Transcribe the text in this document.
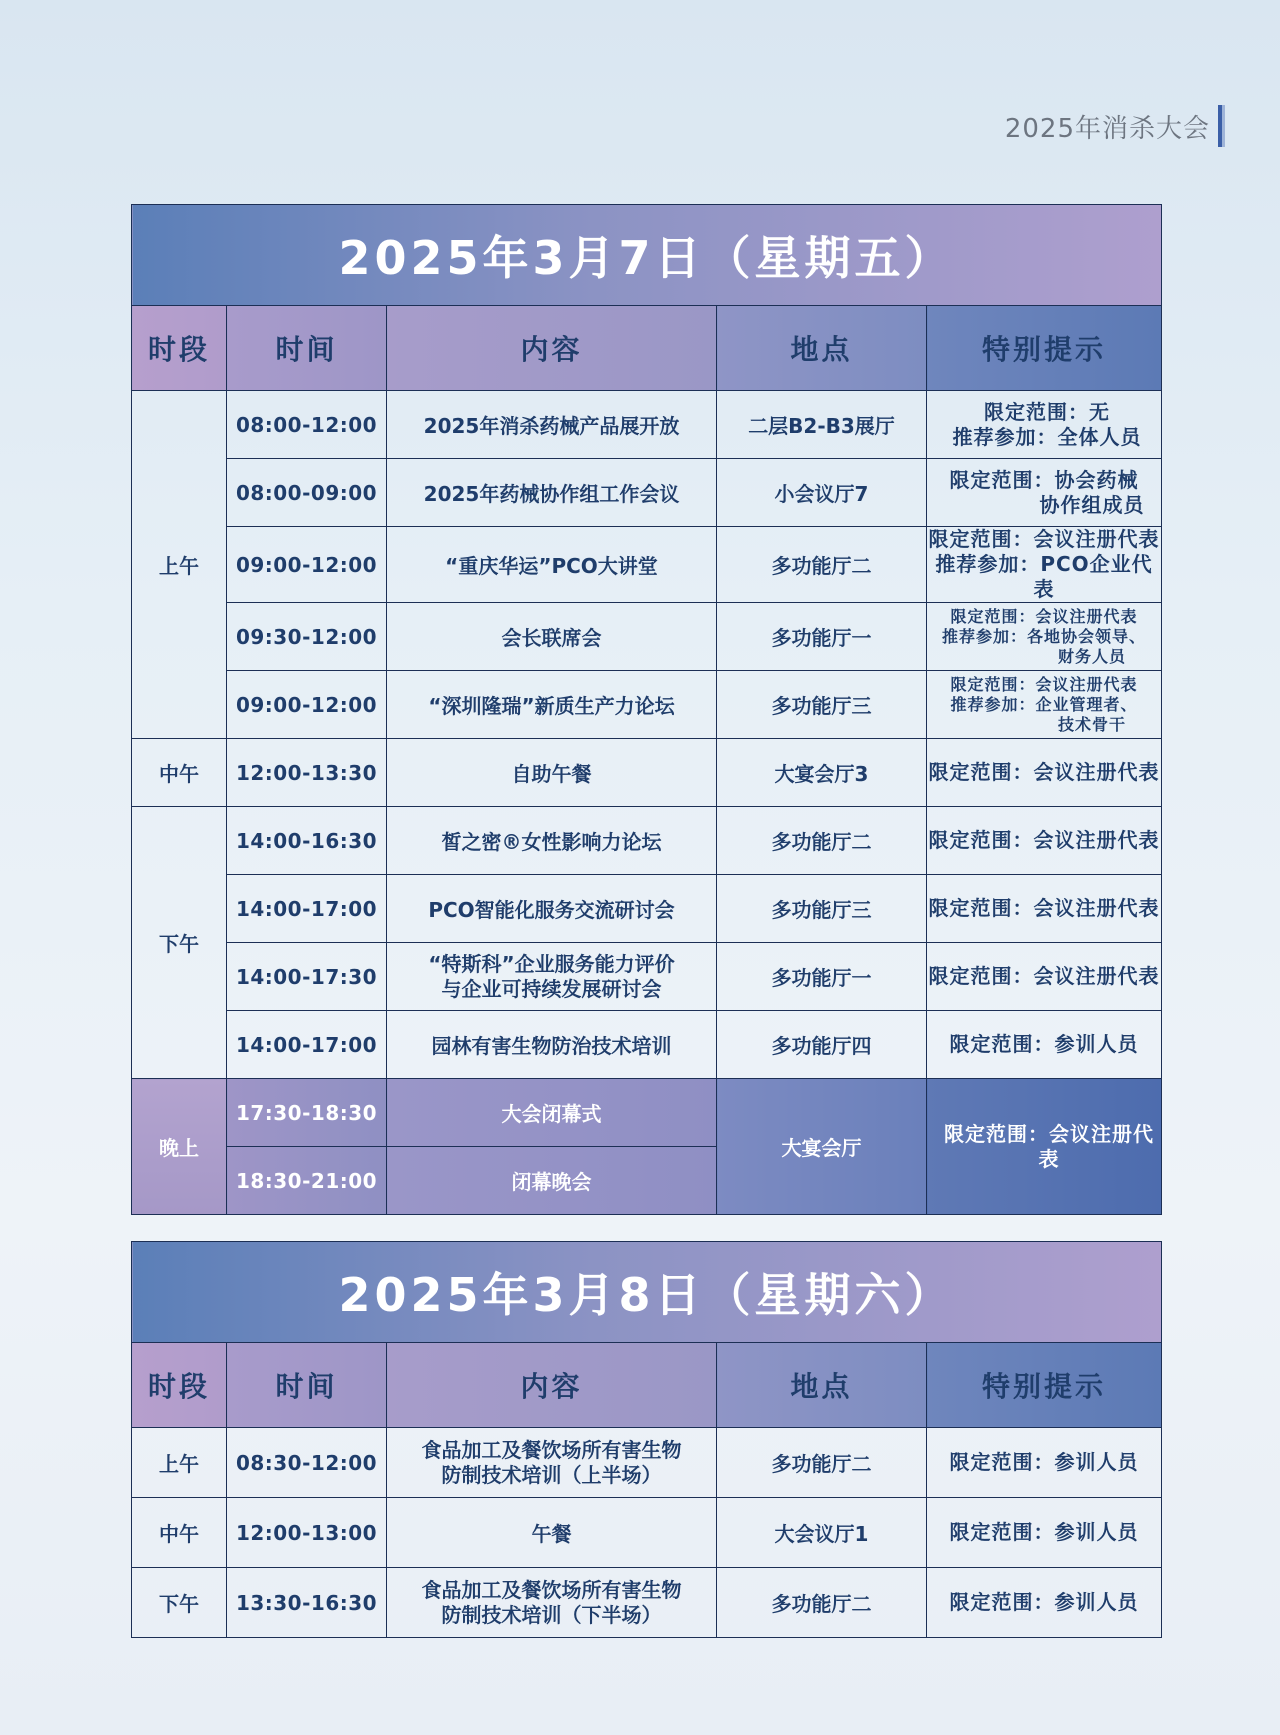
2025年消杀大会
2025年3月7日（星期五）				
时段	时间	内容	地点	特别提示
上午	08:00-12:00	2025年消杀药械产品展开放	二层B2-B3展厅	限定范围：无
推荐参加：全体人员

	08:00-09:00	2025年药械协作组工作会议	小会议厅7	限定范围：协会药械
协作组成员

	09:00-12:00	“重庆华运”PCO大讲堂	多功能厅二	限定范围：会议注册代表
推荐参加：PCO企业代表

	09:30-12:00	会长联席会	多功能厅一	限定范围：会议注册代表
推荐参加：各地协会领导、
财务人员

	09:00-12:00	“深圳隆瑞”新质生产力论坛	多功能厅三	限定范围：会议注册代表
推荐参加：企业管理者、
技术骨干

中午	12:00-13:30	自助午餐	大宴会厅3	限定范围：会议注册代表
下午	14:00-16:30	皙之密®女性影响力论坛	多功能厅二	限定范围：会议注册代表
	14:00-17:00	PCO智能化服务交流研讨会	多功能厅三	限定范围：会议注册代表
	14:00-17:30	“特斯科”企业服务能力评价
与企业可持续发展研讨会	多功能厅一	限定范围：会议注册代表
	14:00-17:00	园林有害生物防治技术培训	多功能厅四	限定范围：参训人员
晚上	17:30-18:30	大会闭幕式	大宴会厅	限定范围：会议注册代表
	18:30-21:00	闭幕晚会		
2025年3月8日（星期六）				
时段	时间	内容	地点	特别提示
上午	08:30-12:00	食品加工及餐饮场所有害生物
防制技术培训（上半场）	多功能厅二	限定范围：参训人员
中午	12:00-13:00	午餐	大会议厅1	限定范围：参训人员
下午	13:30-16:30	食品加工及餐饮场所有害生物
防制技术培训（下半场）	多功能厅二	限定范围：参训人员
